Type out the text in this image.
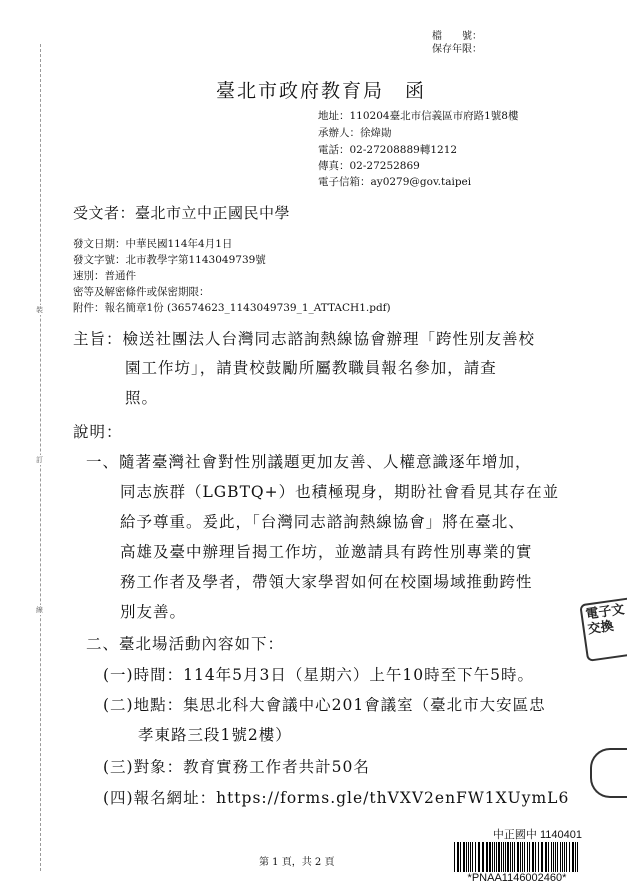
裝
訂
線
檔　　號：
保存年限：
臺北市政府教育局　函
地址：110204臺北市信義區市府路1號8樓
承辦人：徐煒勛
電話：02-27208889轉1212
傳真：02-27252869
電子信箱：ay0279@gov.taipei
受文者：臺北市立中正國民中學
發文日期：中華民國114年4月1日
發文字號：北市教學字第1143049739號
速別：普通件
密等及解密條件或保密期限：
附件：報名簡章1份 (36574623_1143049739_1_ATTACH1.pdf)
主旨：檢送社團法人台灣同志諮詢熱線協會辦理「跨性別友善校
園工作坊」，請貴校鼓勵所屬教職員報名參加，請查
照。
說明：
一、隨著臺灣社會對性別議題更加友善、人權意識逐年增加，
同志族群（LGBTQ+）也積極現身，期盼社會看見其存在並
給予尊重。爰此，「台灣同志諮詢熱線協會」將在臺北、
高雄及臺中辦理旨揭工作坊，並邀請具有跨性別專業的實
務工作者及學者，帶領大家學習如何在校園場域推動跨性
別友善。
二、臺北場活動內容如下：
(一)時間：114年5月3日（星期六）上午10時至下午5時。
(二)地點：集思北科大會議中心201會議室（臺北市大安區忠
孝東路三段1號2樓）
(三)對象：教育實務工作者共計50名
(四)報名網址：https://forms.gle/thVXV2enFW1XUymL6
第 1 頁，共 2 頁
電子文交換
中正國中 1140401
*PNAA1146002460*
